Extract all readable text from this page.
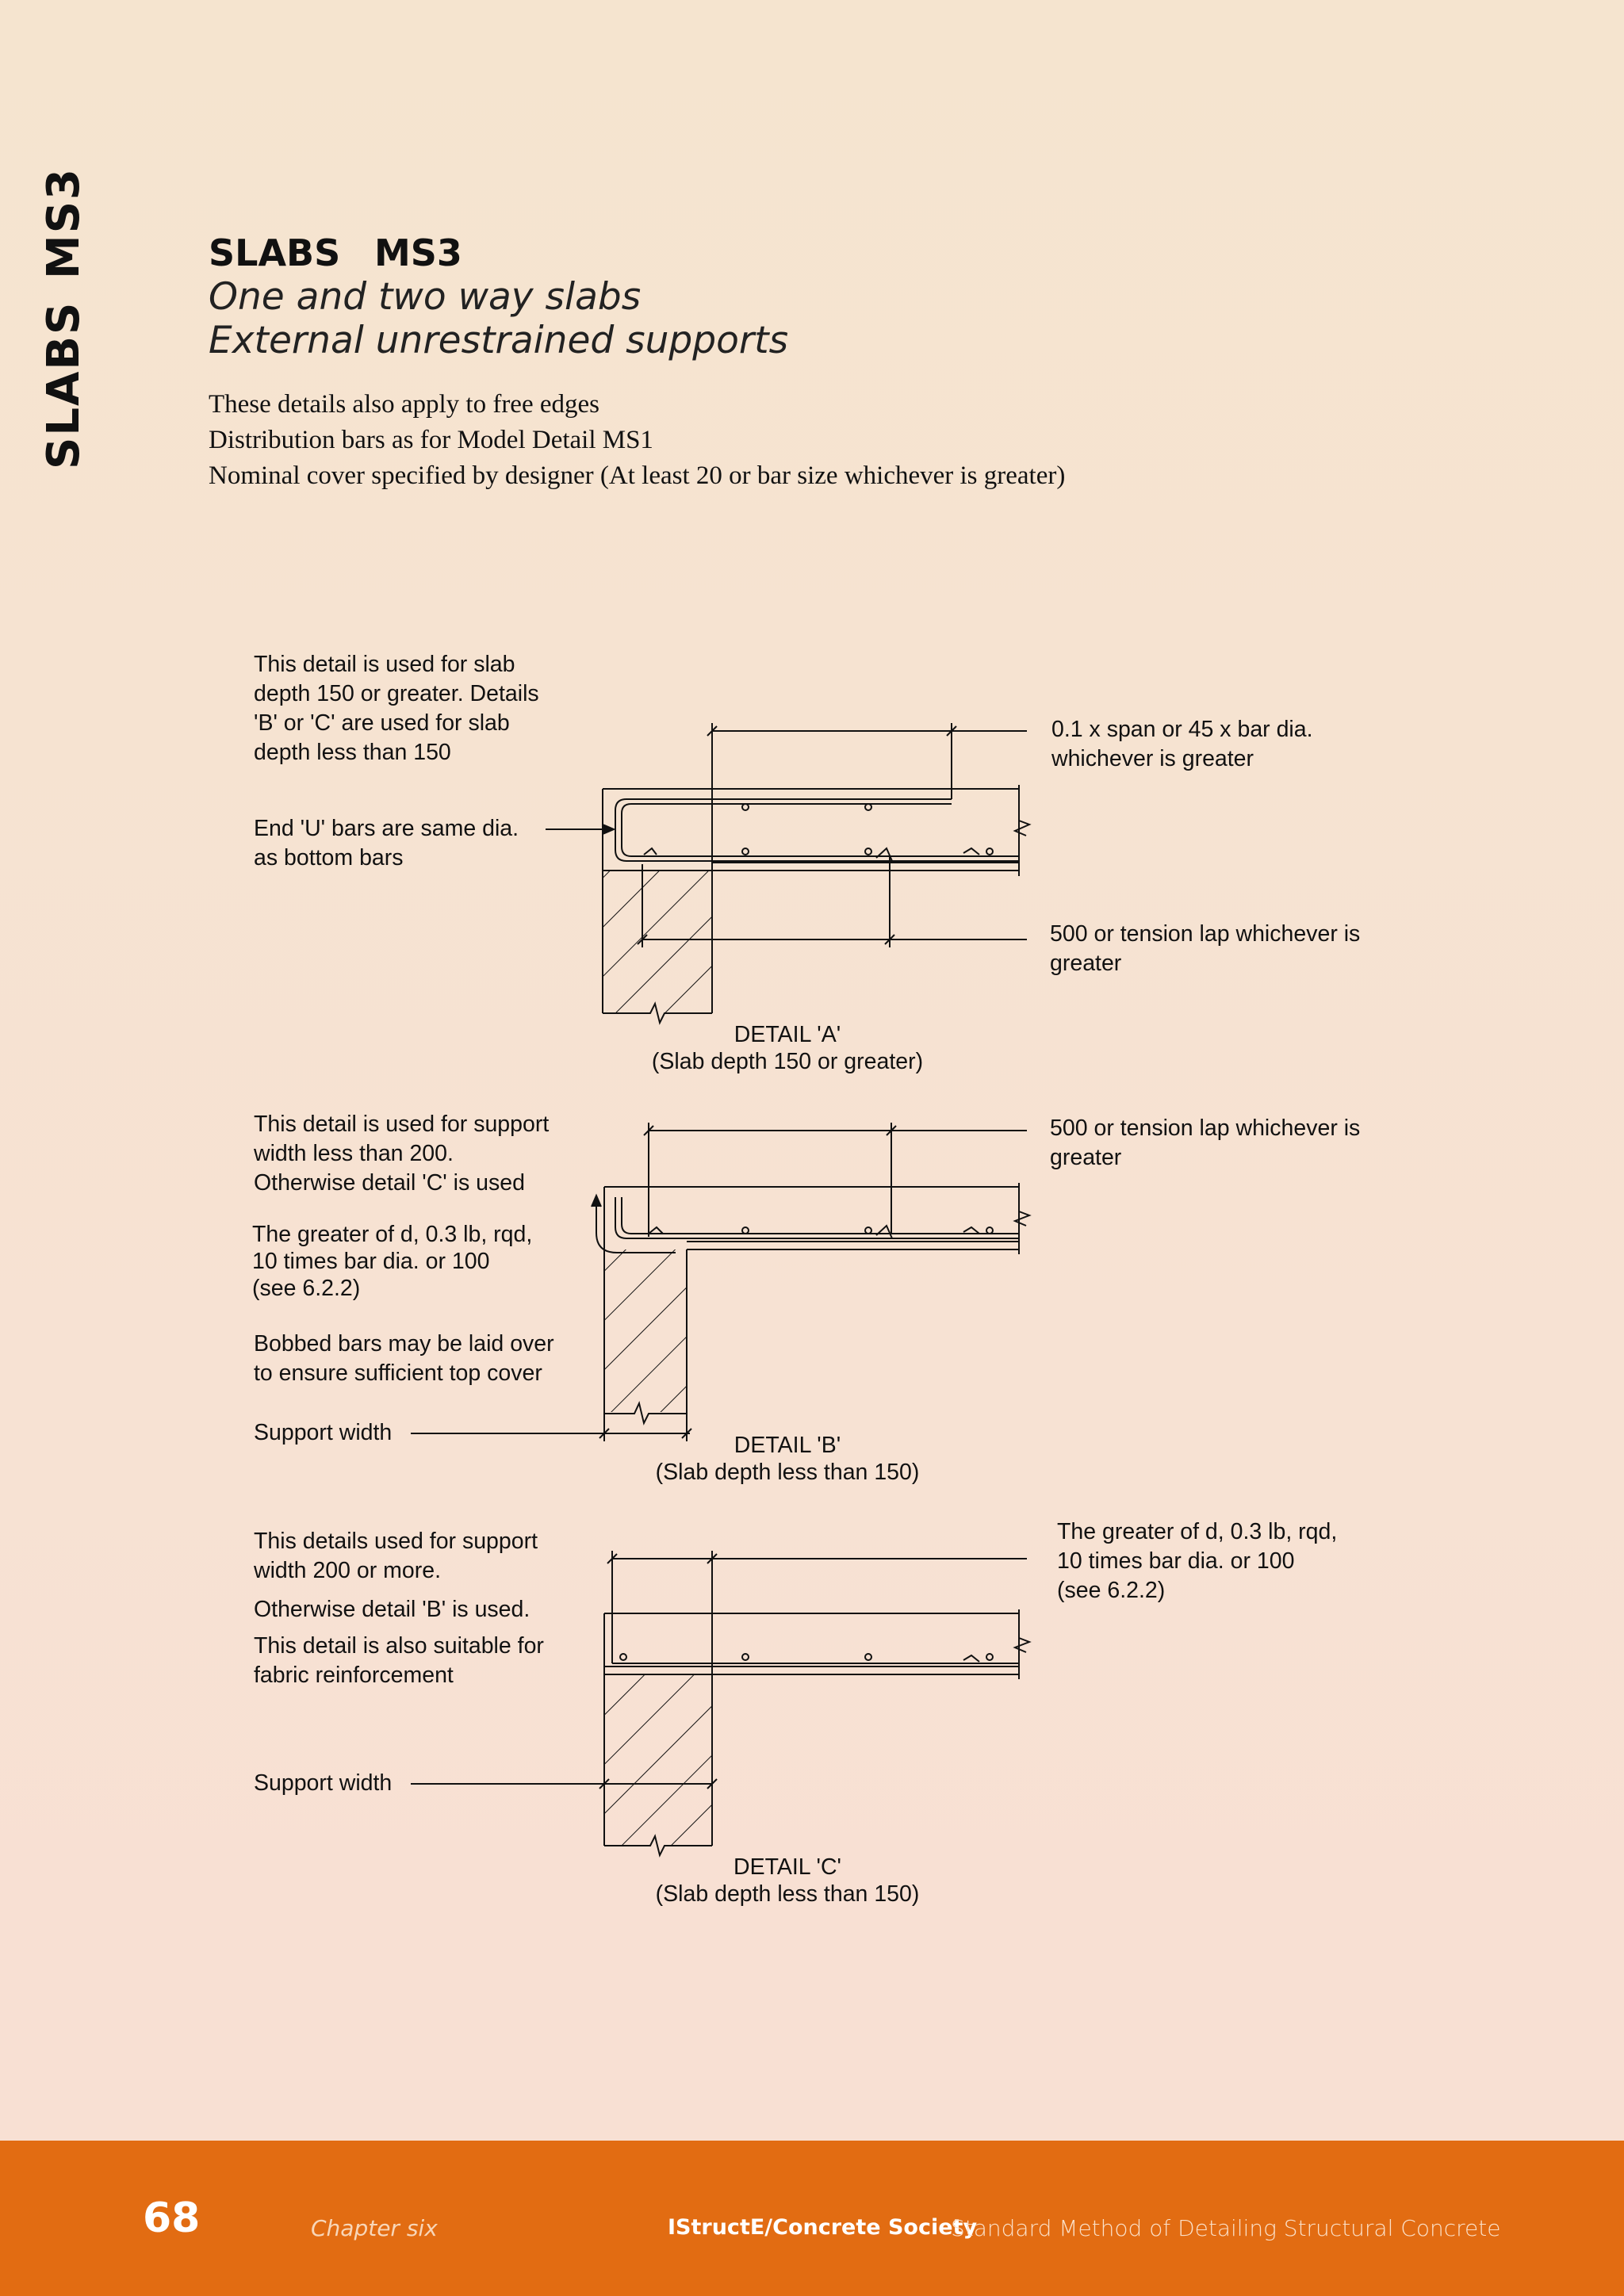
MS3
SLABS
SLABS MS3
One and two way slabs
External unrestrained supports
These details also apply to free edges
Distribution bars as for Model Detail MS1
Nominal cover specified by designer (At least 20 or bar size whichever is greater)
This detail is used for slab
depth 150 or greater. Details
'B' or 'C' are used for slab
depth less than 150
End 'U' bars are same dia.
as bottom bars
0.1 x span or 45 x bar dia.
whichever is greater
500 or tension lap whichever is
greater
DETAIL 'A'
(Slab depth 150 or greater)
This detail is used for support
width less than 200.
Otherwise detail 'C' is used
The greater of d, 0.3 lb, rqd,
10 times bar dia. or 100
(see 6.2.2)
Bobbed bars may be laid over
to ensure sufficient top cover
Support width
500 or tension lap whichever is
greater
DETAIL 'B'
(Slab depth less than 150)
This details used for support
width 200 or more.
Otherwise detail 'B' is used.
This detail is also suitable for
fabric reinforcement
Support width
The greater of d, 0.3 lb, rqd,
10 times bar dia. or 100
(see 6.2.2)
DETAIL 'C'
(Slab depth less than 150)
68	Chapter six	IStructE/Concrete Society
Standard Method of Detailing Structural Concrete
